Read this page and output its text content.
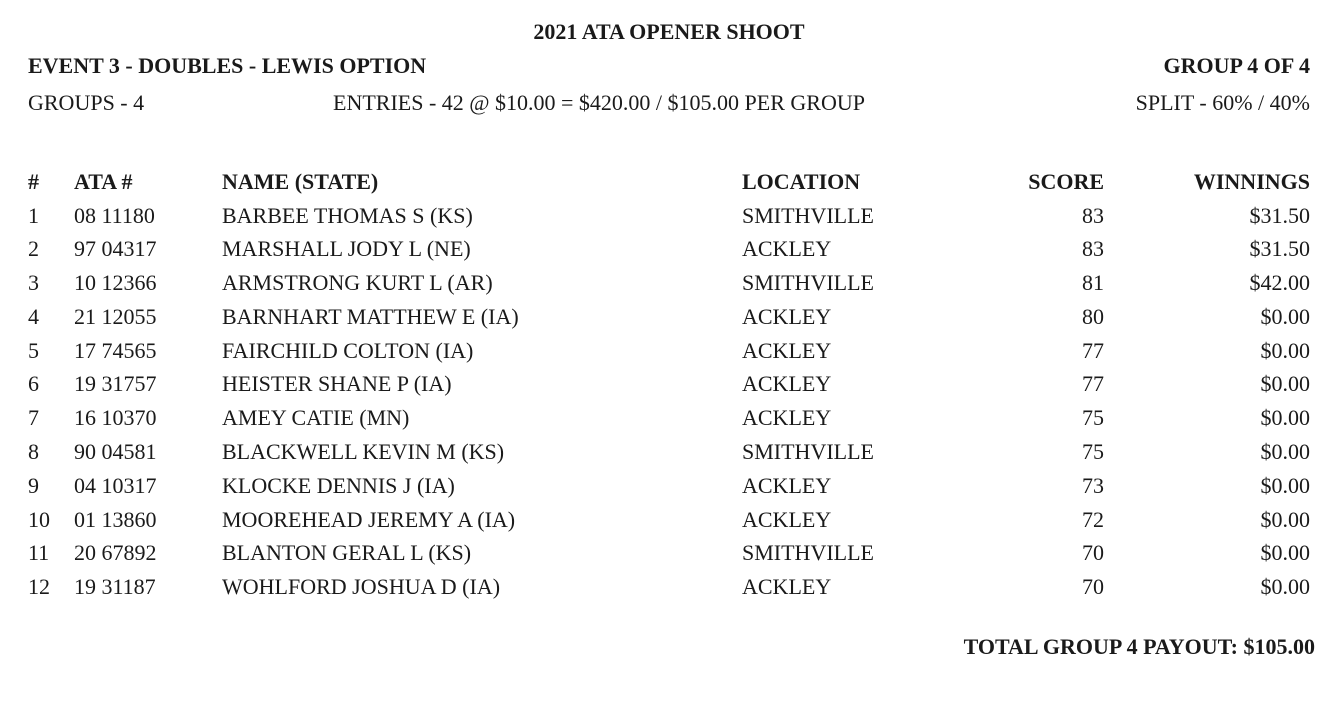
2021 ATA OPENER SHOOT
EVENT 3 - DOUBLES - LEWIS OPTION	GROUP 4 OF 4
GROUPS - 4	ENTRIES - 42 @ $10.00 = $420.00 / $105.00 PER GROUP	SPLIT - 60% / 40%
# ATA #	NAME (STATE)	LOCATION	SCORE	WINNINGS
1 08 11180	BARBEE THOMAS S (KS)	SMITHVILLE	83	$31.50
2 97 04317	MARSHALL JODY L (NE)	ACKLEY	83	$31.50
3 10 12366	ARMSTRONG KURT L (AR)	SMITHVILLE	81	$42.00
4 21 12055	BARNHART MATTHEW E (IA)	ACKLEY	80	$0.00
5 17 74565	FAIRCHILD COLTON (IA)	ACKLEY	77	$0.00
6 19 31757	HEISTER SHANE P (IA)	ACKLEY	77	$0.00
7 16 10370	AMEY CATIE (MN)	ACKLEY	75	$0.00
8 90 04581	BLACKWELL KEVIN M (KS)	SMITHVILLE	75	$0.00
9 04 10317	KLOCKE DENNIS J (IA)	ACKLEY	73	$0.00
10 01 13860	MOOREHEAD JEREMY A (IA)	ACKLEY	72	$0.00
11 20 67892	BLANTON GERAL L (KS)	SMITHVILLE	70	$0.00
12 19 31187	WOHLFORD JOSHUA D (IA)	ACKLEY	70	$0.00
TOTAL GROUP 4 PAYOUT: $105.00
